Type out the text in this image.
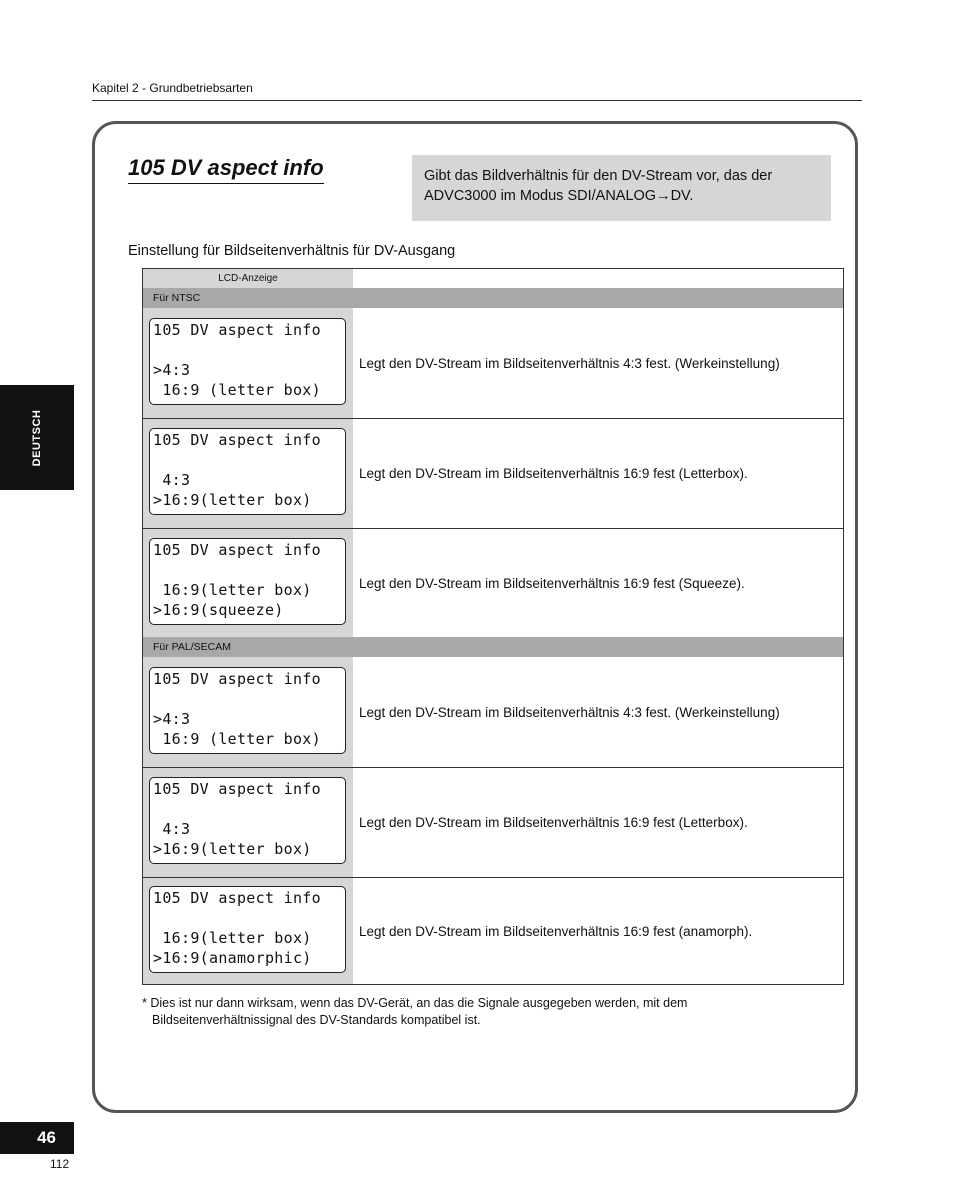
Kapitel 2 - Grundbetriebsarten
DEUTSCH
105 DV aspect info	Gibt das Bildverhältnis für den DV-Stream vor, das der ADVC3000 im Modus SDI/ANALOG→DV.
Einstellung für Bildseitenverhältnis für DV-Ausgang
LCD-Anzeige
Für NTSC
105 DV aspect info
>4:3
16:9 (letter box)
Legt den DV-Stream im Bildseitenverhältnis 4:3 fest. (Werkeinstellung)
105 DV aspect info
4:3
>16:9(letter box)
Legt den DV-Stream im Bildseitenverhältnis 16:9 fest (Letterbox).
105 DV aspect info
16:9(letter box)
>16:9(squeeze)
Legt den DV-Stream im Bildseitenverhältnis 16:9 fest (Squeeze).
Für PAL/SECAM
105 DV aspect info
>4:3
16:9 (letter box)
Legt den DV-Stream im Bildseitenverhältnis 4:3 fest. (Werkeinstellung)
105 DV aspect info
4:3
>16:9(letter box)
Legt den DV-Stream im Bildseitenverhältnis 16:9 fest (Letterbox).
105 DV aspect info
16:9(letter box)
>16:9(anamorphic)
Legt den DV-Stream im Bildseitenverhältnis 16:9 fest (anamorph).
* Dies ist nur dann wirksam, wenn das DV-Gerät, an das die Signale ausgegeben werden, mit dem Bildseitenverhältnissignal des DV-Standards kompatibel ist.
46
112
